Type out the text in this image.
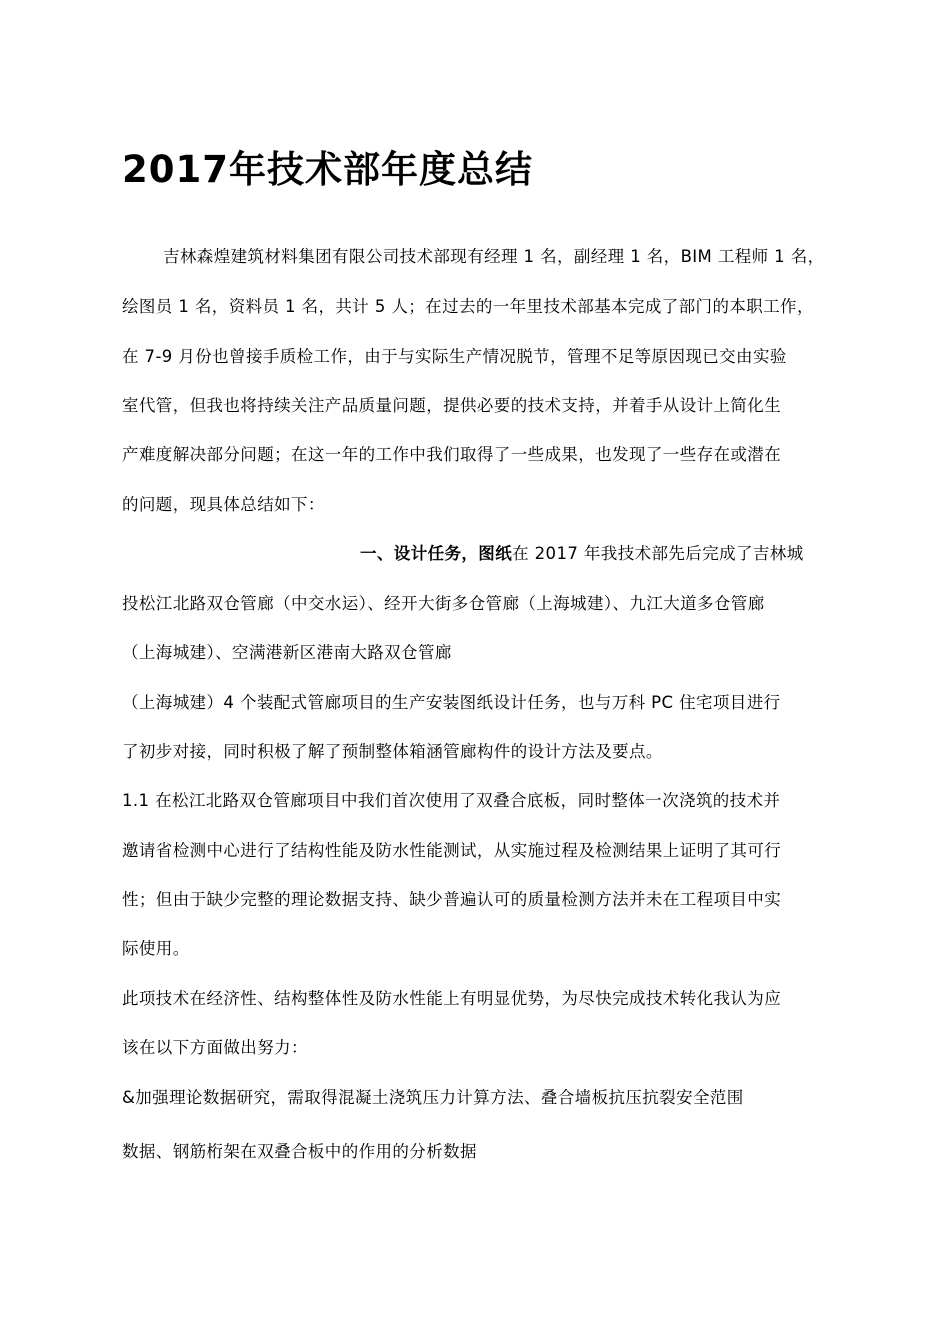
2017年技术部年度总结
吉林森煌建筑材料集团有限公司技术部现有经理 1 名，副经理 1 名，BIM 工程师 1 名，
绘图员 1 名，资料员 1 名，共计 5 人；在过去的一年里技术部基本完成了部门的本职工作，
在 7-9 月份也曾接手质检工作，由于与实际生产情况脱节，管理不足等原因现已交由实验
室代管，但我也将持续关注产品质量问题，提供必要的技术支持，并着手从设计上简化生
产难度解决部分问题；在这一年的工作中我们取得了一些成果，也发现了一些存在或潜在
的问题，现具体总结如下：
一、设计任务，图纸在 2017 年我技术部先后完成了吉林城
投松江北路双仓管廊（中交水运）、经开大街多仓管廊（上海城建）、九江大道多仓管廊
（上海城建）、空满港新区港南大路双仓管廊
（上海城建）4 个装配式管廊项目的生产安装图纸设计任务，也与万科 PC 住宅项目进行
了初步对接，同时积极了解了预制整体箱涵管廊构件的设计方法及要点。
1.1 在松江北路双仓管廊项目中我们首次使用了双叠合底板，同时整体一次浇筑的技术并
邀请省检测中心进行了结构性能及防水性能测试，从实施过程及检测结果上证明了其可行
性；但由于缺少完整的理论数据支持、缺少普遍认可的质量检测方法并未在工程项目中实
际使用。
此项技术在经济性、结构整体性及防水性能上有明显优势，为尽快完成技术转化我认为应
该在以下方面做出努力：
&加强理论数据研究，需取得混凝土浇筑压力计算方法、叠合墙板抗压抗裂安全范围
数据、钢筋桁架在双叠合板中的作用的分析数据
